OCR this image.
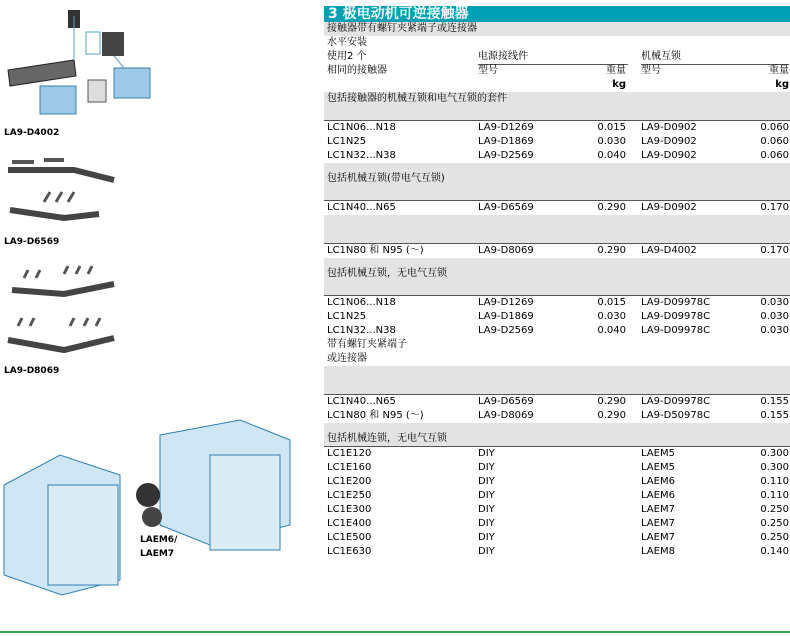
LA9-D4002
LA9-D6569
LA9-D8069
LAEM6/
LAEM7
3 极电动机可逆接触器
接触器带有螺钉夹紧端子或连接器
水平安装
使用2 个	电源接线件	机械互锁
相同的接触器	型号	重量 型号	重量
kg	kg
包括接触器的机械互锁和电气互锁的套件
LC1N06...N18	LA9-D1269	0.015 LA9-D0902	0.060
LC1N25	LA9-D1869	0.030 LA9-D0902	0.060
LC1N32...N38	LA9-D2569	0.040 LA9-D0902	0.060
包括机械互锁(带电气互锁)
LC1N40...N65	LA9-D6569	0.290 LA9-D0902	0.170
LC1N80 和 N95 (〜)	LA9-D8069	0.290 LA9-D4002	0.170
包括机械互锁，无电气互锁
LC1N06...N18	LA9-D1269	0.015 LA9-D09978C	0.030
LC1N25	LA9-D1869	0.030 LA9-D09978C	0.030
LC1N32...N38	LA9-D2569	0.040 LA9-D09978C	0.030
带有螺钉夹紧端子
或连接器
LC1N40...N65	LA9-D6569	0.290 LA9-D09978C	0.155
LC1N80 和 N95 (〜)	LA9-D8069	0.290 LA9-D50978C	0.155
包括机械连锁，无电气互锁
LC1E120	DIY	LAEM5	0.300
LC1E160	DIY	LAEM5	0.300
LC1E200	DIY	LAEM6	0.110
LC1E250	DIY	LAEM6	0.110
LC1E300	DIY	LAEM7	0.250
LC1E400	DIY	LAEM7	0.250
LC1E500	DIY	LAEM7	0.250
LC1E630	DIY	LAEM8	0.140
